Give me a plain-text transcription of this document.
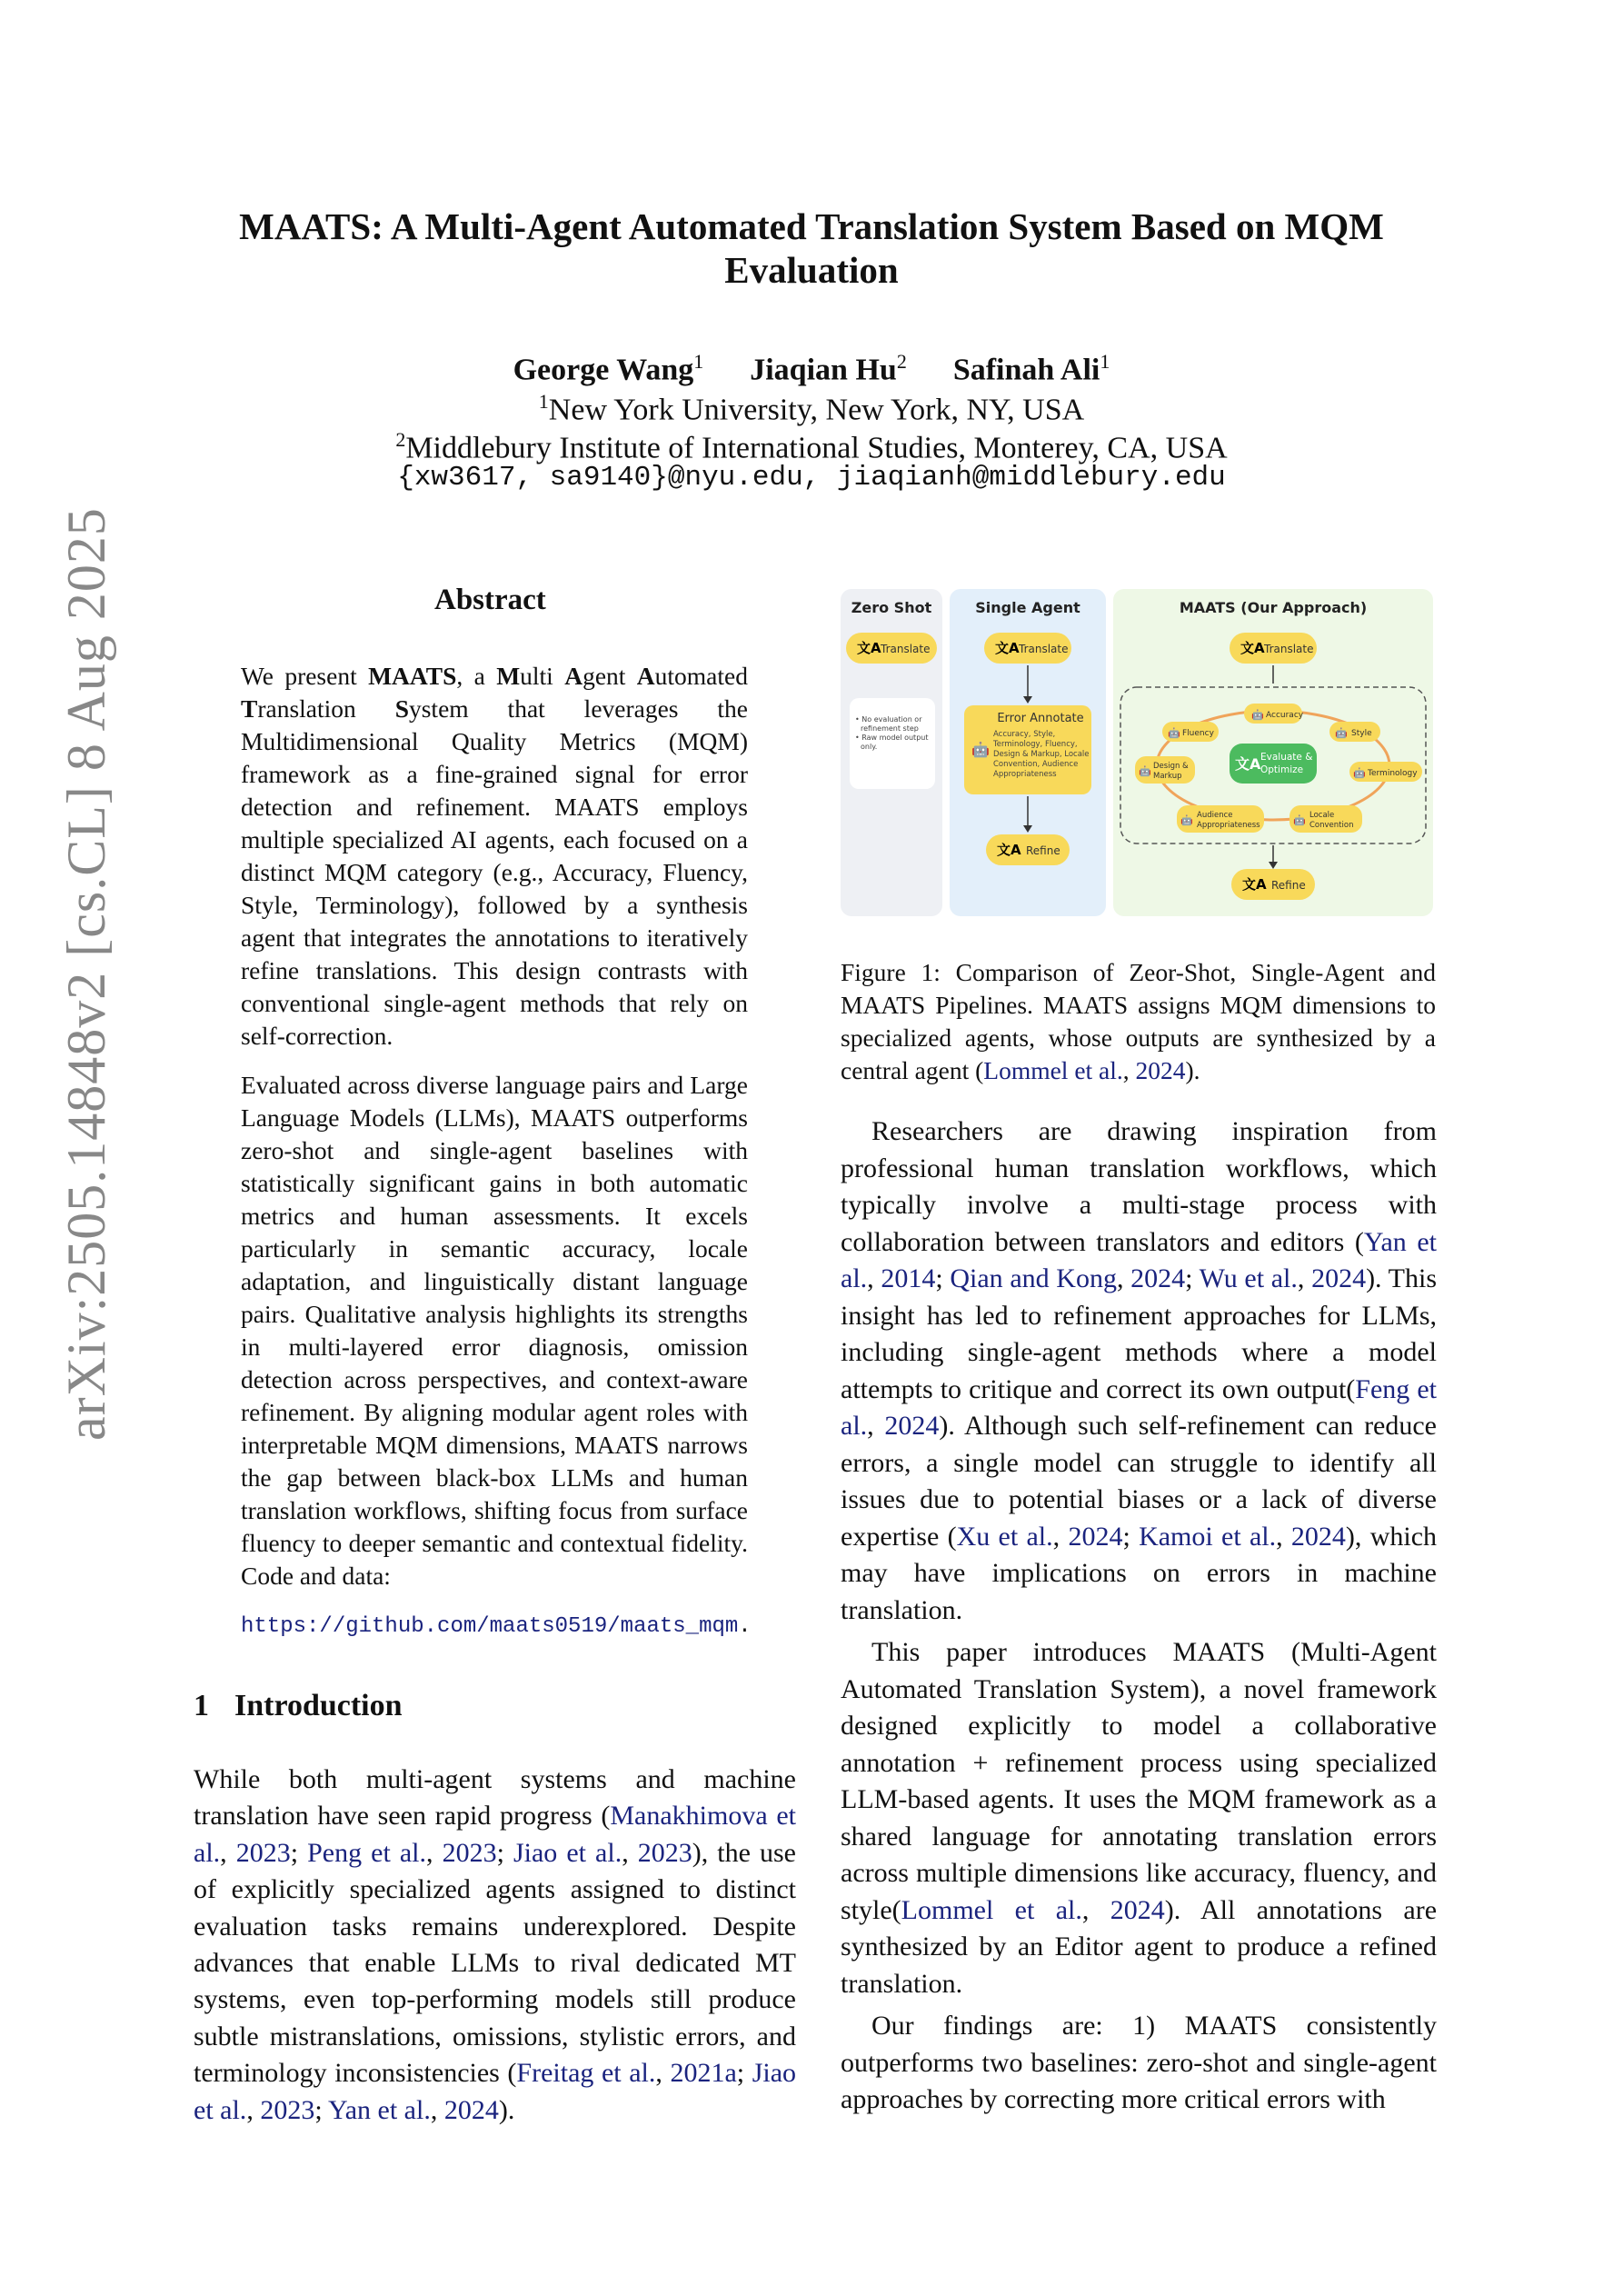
arXiv:2505.14848v2 [cs.CL] 8 Aug 2025
MAATS: A Multi-Agent Automated Translation System Based on MQM
Evaluation
George Wang$^1$ Jiaqian Hu$^2$ Safinah Ali$^1$
$^1$New York University, New York, NY, USA
$^2$Middlebury Institute of International Studies, Monterey, CA, USA
{xw3617, sa9140}@nyu.edu, jiaqianh@middlebury.edu
Abstract

We present MAATS, a Multi Agent Automated Translation System that leverages the Multidimensional Quality Metrics (MQM) framework as a fine-grained signal for error detection and refinement. MAATS employs multiple specialized AI agents, each focused on a distinct MQM category (e.g., Accuracy, Fluency, Style, Terminology), followed by a synthesis agent that integrates the annotations to iteratively refine translations. This design contrasts with conventional single-agent methods that rely on self-correction.

Evaluated across diverse language pairs and Large Language Models (LLMs), MAATS outperforms zero-shot and single-agent baselines with statistically significant gains in both automatic metrics and human assessments. It excels particularly in semantic accuracy, locale adaptation, and linguistically distant language pairs. Qualitative analysis highlights its strengths in multi-layered error diagnosis, omission detection across perspectives, and context-aware refinement. By aligning modular agent roles with interpretable MQM dimensions, MAATS narrows the gap between black-box LLMs and human translation workflows, shifting focus from surface fluency to deeper semantic and contextual fidelity. Code and data:

https://github.com/maats0519/maats_mqm.
1 Introduction
While both multi-agent systems and machine translation have seen rapid progress (Manakhimova et al., 2023; Peng et al., 2023; Jiao et al., 2023), the use of explicitly specialized agents assigned to distinct evaluation tasks remains underexplored. Despite advances that enable LLMs to rival dedicated MT systems, even top-performing models still produce subtle mistranslations, omissions, stylistic errors, and terminology inconsistencies (Freitag et al., 2021a; Jiao et al., 2023; Yan et al., 2024).
Zero Shot	Single Agent	MAATS (Our Approach)
文A Translate
• No evaluation or
refinement step
• Raw model output
only.
文A Translate
🤖
Error Annotate
Accuracy, Style,
Terminology, Fluency,
Design & Markup, Locale
Convention, Audience
Appropriateness
文A Refine
文A Translate
🤖 Accuracy
🤖 Fluency	🤖 Style
🤖 Design &
Markup	🤖 Terminology
🤖 Audience
Appropriateness	🤖 Locale
Convention
文A Evaluate &
Optimize
文A Refine
Figure 1: Comparison of Zeor-Shot, Single-Agent and MAATS Pipelines. MAATS assigns MQM dimensions to specialized agents, whose outputs are synthesized by a central agent (Lommel et al., 2024).

Researchers are drawing inspiration from professional human translation workflows, which typically involve a multi-stage process with collaboration between translators and editors (Yan et al., 2014; Qian and Kong, 2024; Wu et al., 2024). This insight has led to refinement approaches for LLMs, including single-agent methods where a model attempts to critique and correct its own output(Feng et al., 2024). Although such self-refinement can reduce errors, a single model can struggle to identify all issues due to potential biases or a lack of diverse expertise (Xu et al., 2024; Kamoi et al., 2024), which may have implications on errors in machine translation.

This paper introduces MAATS (Multi-Agent Automated Translation System), a novel framework designed explicitly to model a collaborative annotation + refinement process using specialized LLM-based agents. It uses the MQM framework as a shared language for annotating translation errors across multiple dimensions like accuracy, fluency, and style(Lommel et al., 2024). All annotations are synthesized by an Editor agent to produce a refined translation.

Our findings are: 1) MAATS consistently outperforms two baselines: zero-shot and single-agent approaches by correcting more critical errors with
